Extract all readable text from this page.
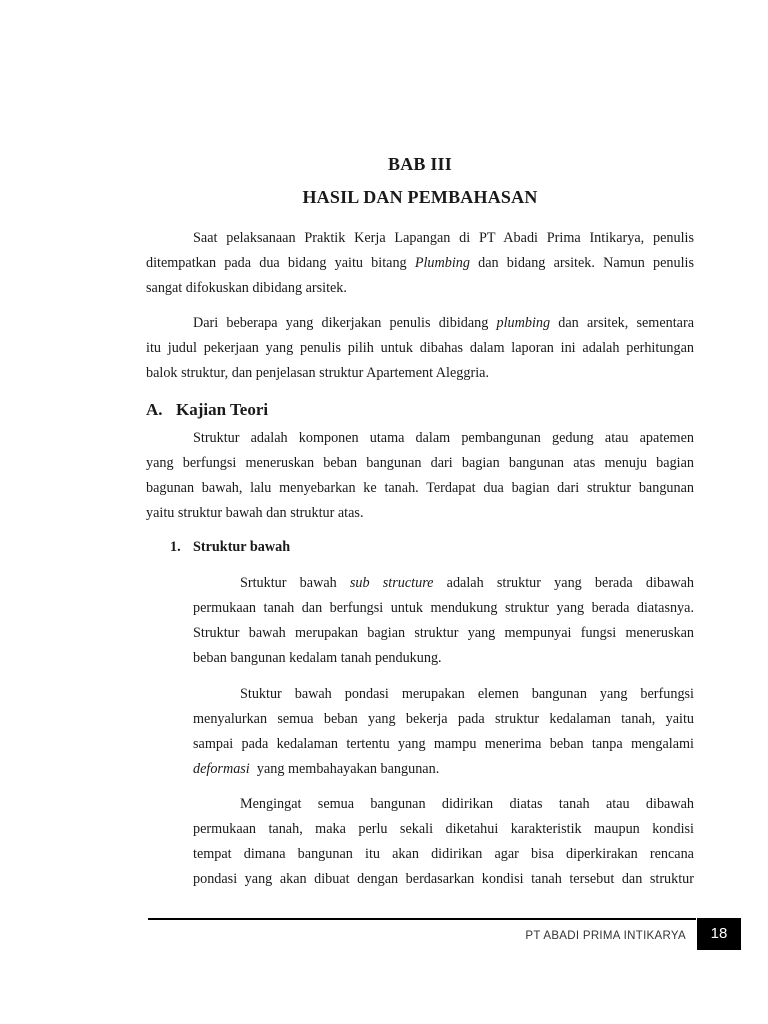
BAB III
HASIL DAN PEMBAHASAN
Saat pelaksanaan Praktik Kerja Lapangan di PT Abadi Prima Intikarya, penulis
ditempatkan pada dua bidang yaitu bitang Plumbing dan bidang arsitek. Namun penulis
sangat difokuskan dibidang arsitek.
Dari beberapa yang dikerjakan penulis dibidang plumbing dan arsitek, sementara
itu judul pekerjaan yang penulis pilih untuk dibahas dalam laporan ini adalah perhitungan
balok struktur, dan penjelasan struktur Apartement Aleggria.
A. Kajian Teori
Struktur adalah komponen utama dalam pembangunan gedung atau apatemen
yang berfungsi meneruskan beban bangunan dari bagian bangunan atas menuju bagian
bagunan bawah, lalu menyebarkan ke tanah. Terdapat dua bagian dari struktur bangunan
yaitu struktur bawah dan struktur atas.
1. Struktur bawah
Srtuktur bawah sub structure adalah struktur yang berada dibawah
permukaan tanah dan berfungsi untuk mendukung struktur yang berada diatasnya.
Struktur bawah merupakan bagian struktur yang mempunyai fungsi meneruskan
beban bangunan kedalam tanah pendukung.
Stuktur bawah pondasi merupakan elemen bangunan yang berfungsi
menyalurkan semua beban yang bekerja pada struktur kedalaman tanah, yaitu
sampai pada kedalaman tertentu yang mampu menerima beban tanpa mengalami
deformasi  yang membahayakan bangunan.
Mengingat semua bangunan didirikan diatas tanah atau dibawah
permukaan tanah, maka perlu sekali diketahui karakteristik maupun kondisi
tempat dimana bangunan itu akan didirikan agar bisa diperkirakan rencana
pondasi yang akan dibuat dengan berdasarkan kondisi tanah tersebut dan struktur
PT ABADI PRIMA INTIKARYA	18
